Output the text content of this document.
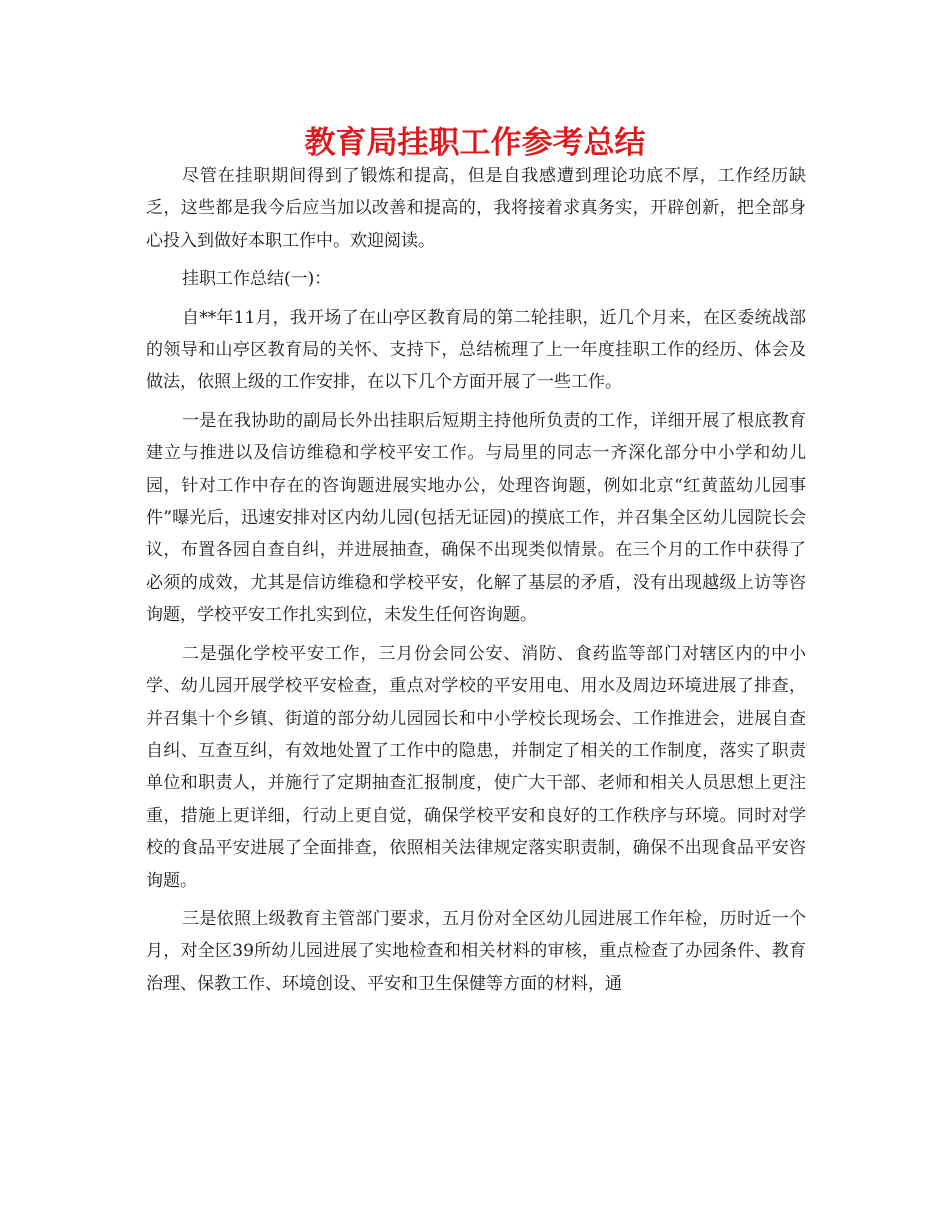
教育局挂职工作参考总结

尽管在挂职期间得到了锻炼和提高，但是自我感遭到理论功底不厚，工作经历缺乏，这些都是我今后应当加以改善和提高的，我将接着求真务实，开辟创新，把全部身心投入到做好本职工作中。欢迎阅读。

挂职工作总结(一)：

自**年11月，我开场了在山亭区教育局的第二轮挂职，近几个月来，在区委统战部的领导和山亭区教育局的关怀、支持下，总结梳理了上一年度挂职工作的经历、体会及做法，依照上级的工作安排，在以下几个方面开展了一些工作。

一是在我协助的副局长外出挂职后短期主持他所负责的工作，详细开展了根底教育建立与推进以及信访维稳和学校平安工作。与局里的同志一齐深化部分中小学和幼儿园，针对工作中存在的咨询题进展实地办公，处理咨询题，例如北京“红黄蓝幼儿园事件”曝光后，迅速安排对区内幼儿园(包括无证园)的摸底工作，并召集全区幼儿园院长会议，布置各园自查自纠，并进展抽查，确保不出现类似情景。在三个月的工作中获得了必须的成效，尤其是信访维稳和学校平安，化解了基层的矛盾，没有出现越级上访等咨询题，学校平安工作扎实到位，未发生任何咨询题。

二是强化学校平安工作，三月份会同公安、消防、食药监等部门对辖区内的中小学、幼儿园开展学校平安检查，重点对学校的平安用电、用水及周边环境进展了排查，并召集十个乡镇、街道的部分幼儿园园长和中小学校长现场会、工作推进会，进展自查自纠、互查互纠，有效地处置了工作中的隐患，并制定了相关的工作制度，落实了职责单位和职责人，并施行了定期抽查汇报制度，使广大干部、老师和相关人员思想上更注重，措施上更详细，行动上更自觉，确保学校平安和良好的工作秩序与环境。同时对学校的食品平安进展了全面排查，依照相关法律规定落实职责制，确保不出现食品平安咨询题。

三是依照上级教育主管部门要求，五月份对全区幼儿园进展工作年检，历时近一个月，对全区39所幼儿园进展了实地检查和相关材料的审核，重点检查了办园条件、教育治理、保教工作、环境创设、平安和卫生保健等方面的材料，通
